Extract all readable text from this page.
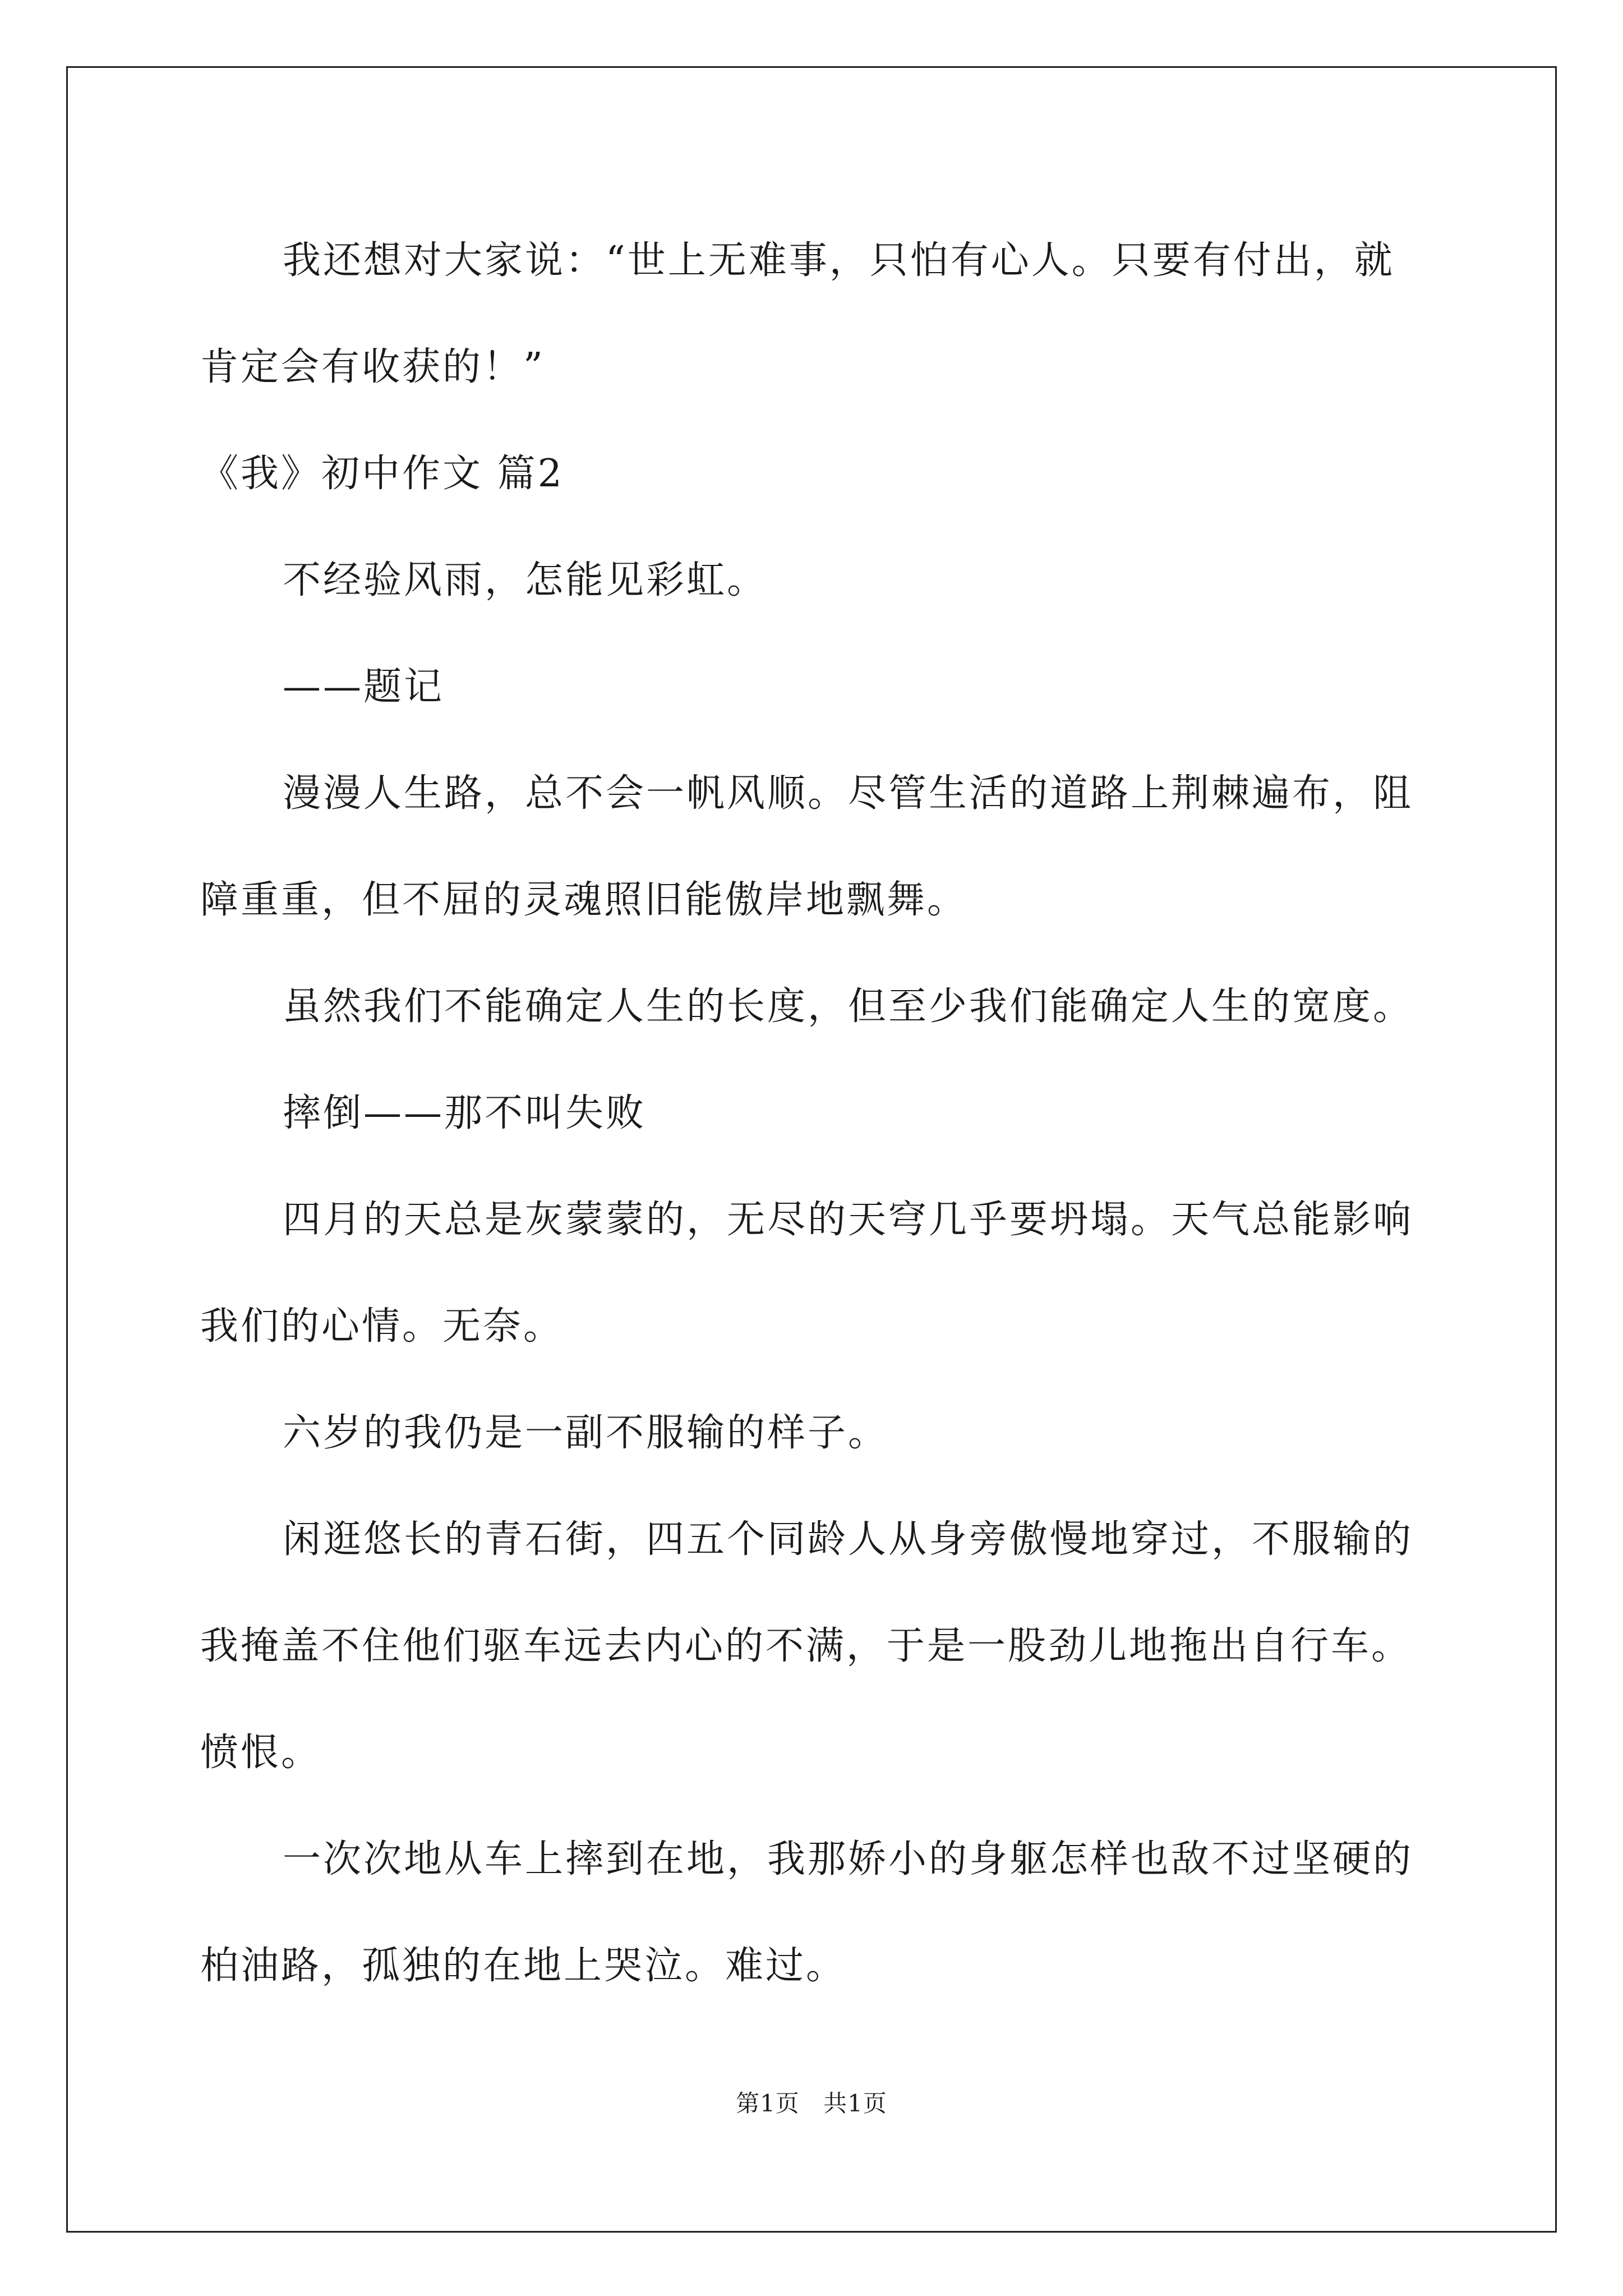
我还想对大家说：“世上无难事，只怕有心人。只要有付出，就肯定会有收获的！”

《我》初中作文 篇2

不经验风雨，怎能见彩虹。

——题记

漫漫人生路，总不会一帆风顺。尽管生活的道路上荆棘遍布，阻障重重，但不屈的灵魂照旧能傲岸地飘舞。

虽然我们不能确定人生的长度，但至少我们能确定人生的宽度。

摔倒——那不叫失败

四月的天总是灰蒙蒙的，无尽的天穹几乎要坍塌。天气总能影响我们的心情。无奈。

六岁的我仍是一副不服输的样子。

闲逛悠长的青石街，四五个同龄人从身旁傲慢地穿过，不服输的我掩盖不住他们驱车远去内心的不满，于是一股劲儿地拖出自行车。愤恨。

一次次地从车上摔到在地，我那娇小的身躯怎样也敌不过坚硬的柏油路，孤独的在地上哭泣。难过。

第1页 共1页
